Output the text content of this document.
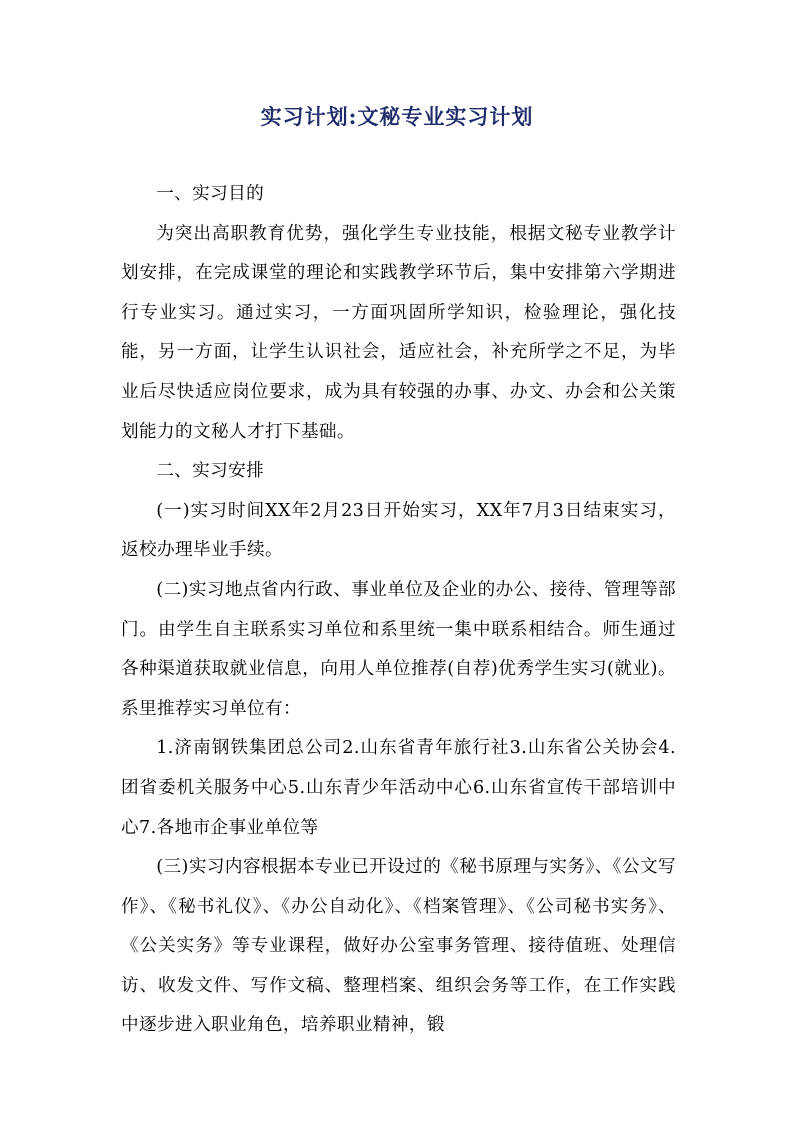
实习计划:文秘专业实习计划

一、实习目的

为突出高职教育优势，强化学生专业技能，根据文秘专业教学计划安排，在完成课堂的理论和实践教学环节后，集中安排第六学期进行专业实习。通过实习，一方面巩固所学知识，检验理论，强化技能，另一方面，让学生认识社会，适应社会，补充所学之不足，为毕业后尽快适应岗位要求，成为具有较强的办事、办文、办会和公关策划能力的文秘人才打下基础。

二、实习安排

(一)实习时间XX年2月23日开始实习，XX年7月3日结束实习，返校办理毕业手续。

(二)实习地点省内行政、事业单位及企业的办公、接待、管理等部门。由学生自主联系实习单位和系里统一集中联系相结合。师生通过各种渠道获取就业信息，向用人单位推荐(自荐)优秀学生实习(就业)。系里推荐实习单位有：

1.济南钢铁集团总公司2.山东省青年旅行社3.山东省公关协会4.团省委机关服务中心5.山东青少年活动中心6.山东省宣传干部培训中心7.各地市企事业单位等

(三)实习内容根据本专业已开设过的《秘书原理与实务》、《公文写作》、《秘书礼仪》、《办公自动化》、《档案管理》、《公司秘书实务》、《公关实务》等专业课程，做好办公室事务管理、接待值班、处理信访、收发文件、写作文稿、整理档案、组织会务等工作，在工作实践中逐步进入职业角色，培养职业精神，锻
